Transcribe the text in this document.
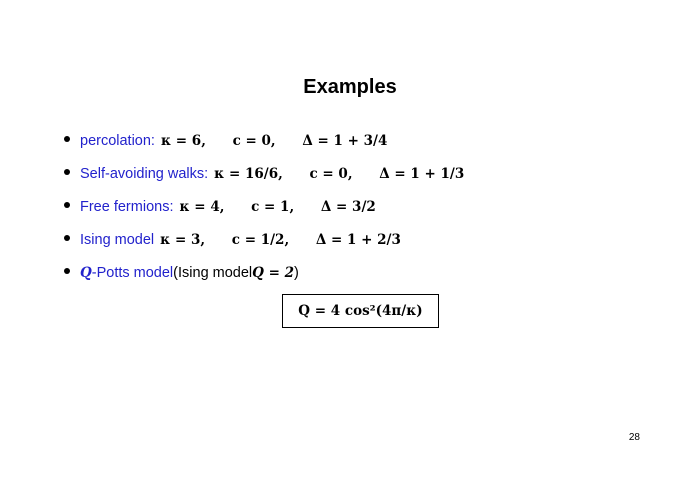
Examples
percolation: κ = 6, c = 0, Δ = 1 + 3/4
Self-avoiding walks: κ = 16/6, c = 0, Δ = 1 + 1/3
Free fermions: κ = 4, c = 1, Δ = 3/2
Ising model κ = 3, c = 1/2, Δ = 1 + 2/3
Q -Potts model (Ising model Q = 2 )
Q = 4 cos²(4π/κ)
28
